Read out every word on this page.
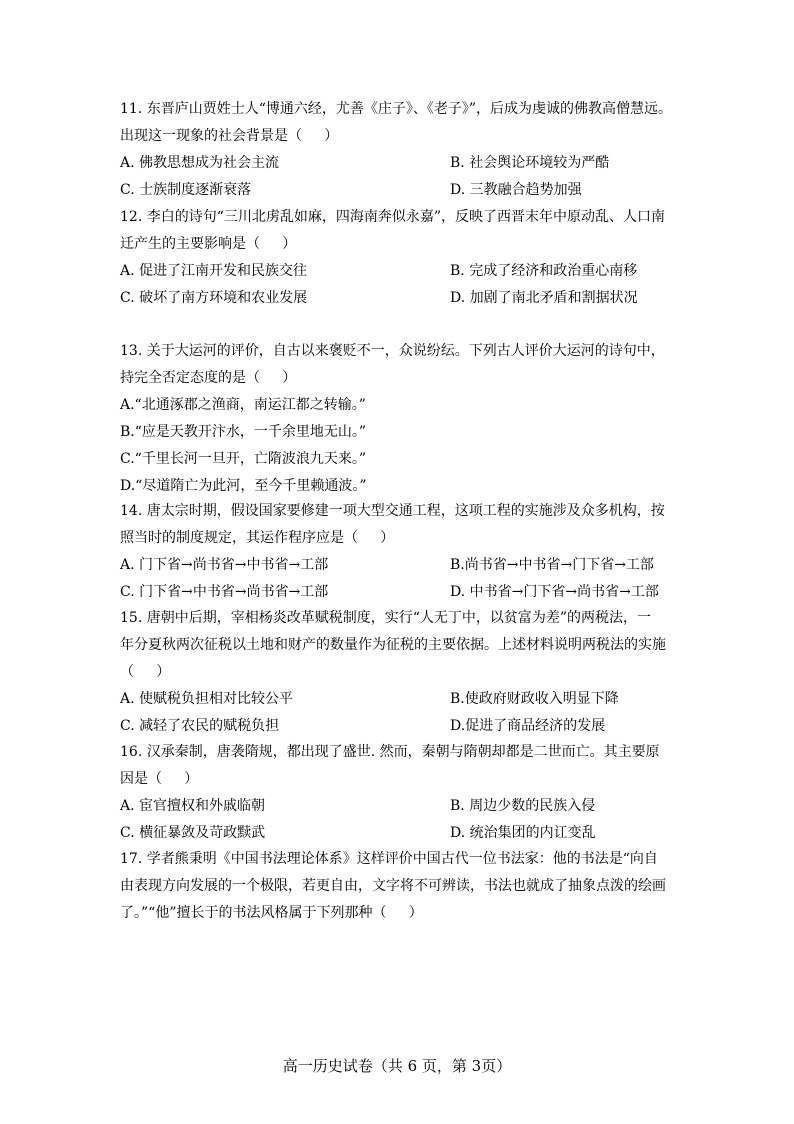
11. 东晋庐山贾姓士人“博通六经，尤善《庄子》、《老子》”，后成为虔诚的佛教高僧慧远。
出现这一现象的社会背景是（     ）
A. 佛教思想成为社会主流	B. 社会舆论环境较为严酷
C. 士族制度逐渐衰落	D. 三教融合趋势加强
12. 李白的诗句“三川北虏乱如麻，四海南奔似永嘉”，反映了西晋末年中原动乱、人口南
迁产生的主要影响是（     ）
A. 促进了江南开发和民族交往	B. 完成了经济和政治重心南移
C. 破坏了南方环境和农业发展	D. 加剧了南北矛盾和割据状况
13. 关于大运河的评价，自古以来褒贬不一，众说纷纭。下列古人评价大运河的诗句中，
持完全否定态度的是（     ）
A.“北通涿郡之渔商，南运江都之转输。”
B.“应是天教开汴水，一千余里地无山。”
C.“千里长河一旦开，亡隋波浪九天来。”
D.“尽道隋亡为此河，至今千里赖通波。”
14. 唐太宗时期，假设国家要修建一项大型交通工程，这项工程的实施涉及众多机构，按
照当时的制度规定，其运作程序应是（     ）
A. 门下省→尚书省→中书省→工部	B.尚书省→中书省→门下省→工部
C. 门下省→中书省→尚书省→工部	D. 中书省→门下省→尚书省→工部
15. 唐朝中后期，宰相杨炎改革赋税制度，实行“人无丁中，以贫富为差”的两税法，一
年分夏秋两次征税以土地和财产的数量作为征税的主要依据。上述材料说明两税法的实施
（     ）
A. 使赋税负担相对比较公平	B.使政府财政收入明显下降
C. 减轻了农民的赋税负担	D.促进了商品经济的发展
16. 汉承秦制，唐袭隋规，都出现了盛世. 然而，秦朝与隋朝却都是二世而亡。其主要原
因是（     ）
A. 宦官擅权和外戚临朝	B. 周边少数的民族入侵
C. 横征暴敛及苛政黩武	D. 统治集团的内讧变乱
17. 学者熊秉明《中国书法理论体系》这样评价中国古代一位书法家：他的书法是“向自
由表现方向发展的一个极限，若更自由，文字将不可辨读，书法也就成了抽象点泼的绘画
了。”“他”擅长于的书法风格属于下列那种（     ）
高一历史试卷（共 6 页，第 3页）
